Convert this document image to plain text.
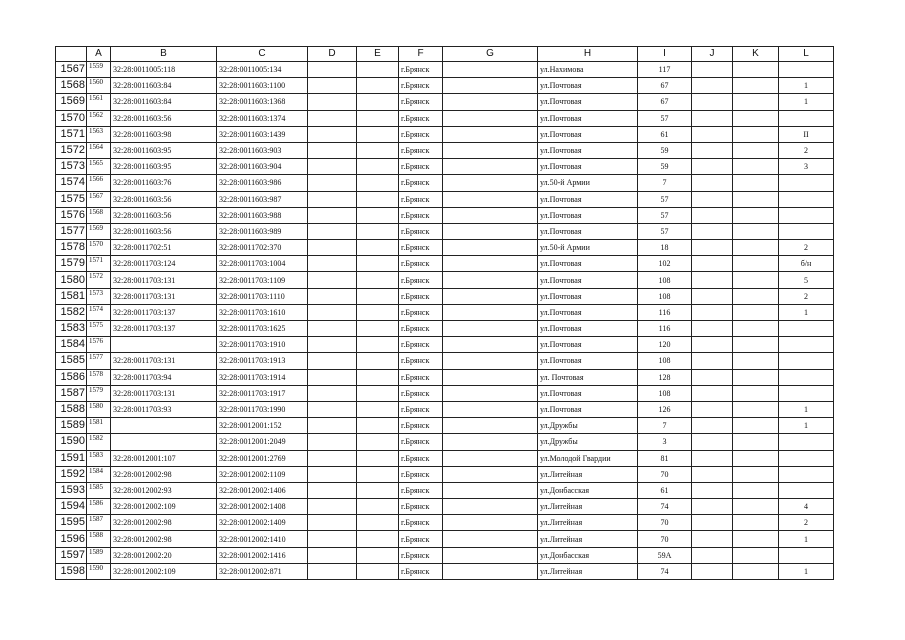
	A	B	C	D	E	F	G	H	I	J	K	L
1567	1559	32:28:0011005:118	32:28:0011005:134			г.Брянск		ул.Нахимова	117			
1568	1560	32:28:0011603:84	32:28:0011603:1100			г.Брянск		ул.Почтовая	67			1
1569	1561	32:28:0011603:84	32:28:0011603:1368			г.Брянск		ул.Почтовая	67			1
1570	1562	32:28:0011603:56	32:28:0011603:1374			г.Брянск		ул.Почтовая	57			
1571	1563	32:28:0011603:98	32:28:0011603:1439			г.Брянск		ул.Почтовая	61			II
1572	1564	32:28:0011603:95	32:28:0011603:903			г.Брянск		ул.Почтовая	59			2
1573	1565	32:28:0011603:95	32:28:0011603:904			г.Брянск		ул.Почтовая	59			3
1574	1566	32:28:0011603:76	32:28:0011603:986			г.Брянск		ул.50-й Армии	7			
1575	1567	32:28:0011603:56	32:28:0011603:987			г.Брянск		ул.Почтовая	57			
1576	1568	32:28:0011603:56	32:28:0011603:988			г.Брянск		ул.Почтовая	57			
1577	1569	32:28:0011603:56	32:28:0011603:989			г.Брянск		ул.Почтовая	57			
1578	1570	32:28:0011702:51	32:28:0011702:370			г.Брянск		ул.50-й Армии	18			2
1579	1571	32:28:0011703:124	32:28:0011703:1004			г.Брянск		ул.Почтовая	102			б/н
1580	1572	32:28:0011703:131	32:28:0011703:1109			г.Брянск		ул.Почтовая	108			5
1581	1573	32:28:0011703:131	32:28:0011703:1110			г.Брянск		ул.Почтовая	108			2
1582	1574	32:28:0011703:137	32:28:0011703:1610			г.Брянск		ул.Почтовая	116			1
1583	1575	32:28:0011703:137	32:28:0011703:1625			г.Брянск		ул.Почтовая	116			
1584	1576		32:28:0011703:1910			г.Брянск		ул.Почтовая	120			
1585	1577	32:28:0011703:131	32:28:0011703:1913			г.Брянск		ул.Почтовая	108			
1586	1578	32:28:0011703:94	32:28:0011703:1914			г.Брянск		ул. Почтовая	128			
1587	1579	32:28:0011703:131	32:28:0011703:1917			г.Брянск		ул.Почтовая	108			
1588	1580	32:28:0011703:93	32:28:0011703:1990			г.Брянск		ул.Почтовая	126			1
1589	1581		32:28:0012001:152			г.Брянск		ул.Дружбы	7			1
1590	1582		32:28:0012001:2049			г.Брянск		ул.Дружбы	3			
1591	1583	32:28:0012001:107	32:28:0012001:2769			г.Брянск		ул.Молодой Гвардии	81			
1592	1584	32:28:0012002:98	32:28:0012002:1109			г.Брянск		ул.Литейная	70			
1593	1585	32:28:0012002:93	32:28:0012002:1406			г.Брянск		ул.Донбасская	61			
1594	1586	32:28:0012002:109	32:28:0012002:1408			г.Брянск		ул.Литейная	74			4
1595	1587	32:28:0012002:98	32:28:0012002:1409			г.Брянск		ул.Литейная	70			2
1596	1588	32:28:0012002:98	32:28:0012002:1410			г.Брянск		ул.Литейная	70			1
1597	1589	32:28:0012002:20	32:28:0012002:1416			г.Брянск		ул.Донбасская	59А			
1598	1590	32:28:0012002:109	32:28:0012002:871			г.Брянск		ул.Литейная	74			1
